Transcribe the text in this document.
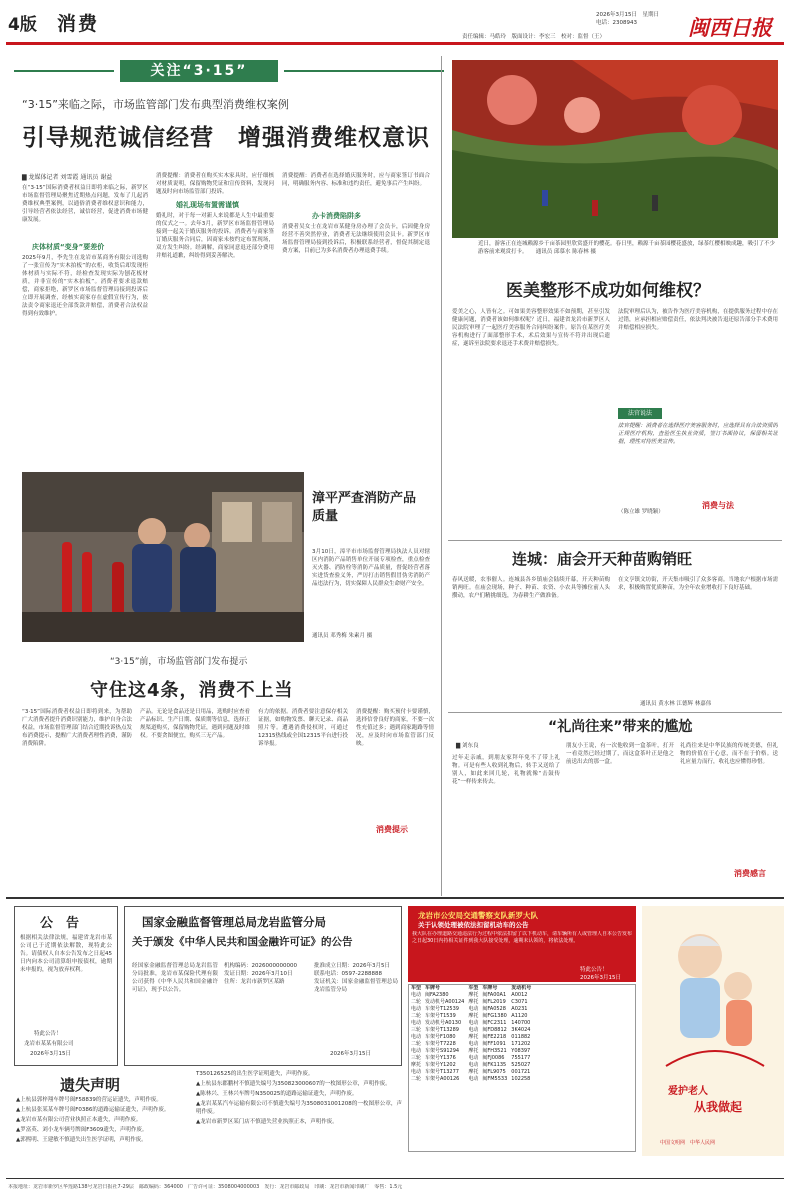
4版 消费	2026年3月15日　星期日
电话：2308943
责任编辑：马皓玲　版面设计：李宏三　校对：监督（王）	闽西日报
关注“3·15”
“3·15”来临之际，市场监管部门发布典型消费维权案例
引导规范诚信经营　增强消费维权意识
▇ 龙媒体记者 刘雪霞 通讯员 谢益
在“3·15”国际消费者权益日即将来临之际，新罗区市场监督管理局聚焦近期热点问题，发布了几起消费维权典型案例，以通俗消费者维权意识和能力，引导经营者依法经营，诚信经营，促进消费市场健康发展。
庆体材质“变身”要差价
2025年9月，李先生在龙岩市某商务有限公司选购了一张宣传为“实木拍板”的衣柜，收货后却发现柜体材质与实际不符，经检查发现实际为刨花板材质，并非宣传的“实木拍板”。消费者要求退款赔偿，商家拒绝，新罗区市场监督管理局接到投诉后立即开展调查，经核实商家存在虚假宣传行为，依法责令商家退还全部货款并赔偿，消费者合法权益得到有效维护。
消费提醒：消费者在购买实木家具时，应仔细核对材质说明，保留购物凭证和宣传资料，发现问题及时向市场监管部门投诉。
婚礼现场布置需谨慎
婚礼时，对于每一对新人来说都是人生中最重要的仪式之一。去年3月，新罗区市场监督管理局接到一起关于婚庆服务的投诉。消费者与商家签订婚庆服务合同后，因商家未按约定布置现场，双方发生纠纷。经调解，商家同意退还部分费用并赔礼道歉，纠纷得到妥善解决。
消费提醒：消费者在选择婚庆服务时，应与商家签订书面合同，明确服务内容、标准和违约责任，避免事后产生纠纷。
办卡消费陷阱多
消费者吴女士在龙岩市某健身房办理了会员卡，后因健身房经营不善突然停业，消费者无法继续使用会员卡。新罗区市场监督管理局接到投诉后，积极联系经营者，督促其制定退费方案，目前已为多名消费者办理退费手续。
漳平严查消防产品质量
3月10日，漳平市市场监督管理局执法人员对辖区内消防产品销售单位开展专项检查，重点检查灭火器、消防栓等消防产品质量，督促经营者落实进货查验义务，严厉打击销售假冒伪劣消防产品违法行为，切实保障人民群众生命财产安全。
通讯员 邓秀梅 朱素月 摄
“3·15”前，市场监管部门发布提示
守住这4条，消费不上当
“3·15”国际消费者权益日即将到来，为帮助广大消费者提升消费识别能力，维护自身合法权益，市场监督管理部门结合近期投诉热点发布消费提示，提醒广大消费者理性消费，谨防消费陷阱。
产品。无论是食品还是日用品，选购时应查看产品标识、生产日期、保质期等信息，选择正规渠道购买，保留购物凭证，遇到问题及时维权。不要贪图便宜，购买三无产品。
有力的依据。消费者要注意保存相关证据，如购物发票、聊天记录、商品照片等。遭遇消费侵权时，可通过12315热线或全国12315平台进行投诉举报。
消费提醒：购买预付卡要谨慎，选择信誉良好的商家，不要一次性充值过多；遇到商家跑路等情况，应及时向市场监管部门反映。
消费提示
近日，游客正在连城赖源乡千亩茶园里欣赏盛开的樱花。春日里，赖源千亩茶园樱花盛放，绿茶红樱相映成趣，吸引了不少游客前来观赏打卡。　　通讯员 邱慕水 陈春林 摄
医美整形不成功如何维权？
爱美之心，人皆有之。可如果美容整形效果不如预期，甚至引发健康问题，消费者该如何维权呢？近日，福建省龙岩市新罗区人民法院审理了一起医疗美容服务合同纠纷案件。原告在某医疗美容机构进行了面部整形手术，术后效果与宣传不符并出现后遗症，遂诉至法院要求退还手术费并赔偿损失。
法院审理后认为，被告作为医疗美容机构，在提供服务过程中存在过错，应承担相应赔偿责任，依法判决被告退还原告部分手术费用并赔偿相应损失。
法官说法
法官提醒：消费者在选择医疗美容服务时，应选择具有合法资质的正规医疗机构，查验医生执业资质，签订书面协议，保留相关证据，理性对待医美宣传。
（陈立雄 罗晓颖）
消费与法
连城：庙会开天种苗购销旺
春风送暖，农事催人。连城县各乡镇庙会陆续开幕，开天种苗购销两旺。在庙会现场，种子、种苗、农资、小农具等摊位前人头攒动，农户们精挑细选，为春耕生产做准备。
在文亨镇文坊街，开天集市吸引了众多客商。当地农户根据市场需求，积极购置优质种苗，为全年农业增收打下良好基础。
通讯员 黄水林 江德辉 林嘉伟
“礼尚往来”带来的尴尬
▇ 刘东良
过年走亲戚，到朋友家拜年免不了带上礼物。可是有些人收到礼物后，转手又送给了别人，如此来回几轮，礼物就像“击鼓传花”一样传来传去。
朋友小王说，有一次他收到一盒茶叶，打开一看竟然已经过期了，而这盒茶叶正是他之前送出去的那一盒。
礼尚往来是中华民族的传统美德，但礼物的价值在于心意，而不在于价格。送礼应量力而行，收礼也应懂得珍惜。
消费感言
公　告
根据相关法律法规，福建省龙岩市某公司已于近期依法解散，现特此公告。请债权人自本公告发布之日起45日内向本公司清算组申报债权，逾期未申报的，视为放弃权利。
特此公告！
龙岩市某某有限公司
2026年3月15日
国家金融监督管理总局龙岩监管分局
关于颁发《中华人民共和国金融许可证》的公告
经国家金融监督管理总局龙岩监管分局批准，龙岩市某保险代理有限公司获得《中华人民共和国金融许可证》，现予以公告。
机构编码：2026000000000
发证日期：2026年3月10日
住所：龙岩市新罗区某路
批准成立日期：2026年3月5日
联系电话：0597-2288888
发证机关：国家金融监督管理总局龙岩监管分局
2026年3月15日
龙岩市公安局交通警察支队新罗大队
关于认领处理被依法扣留机动车的公告
我大队在办理道路交通违法行为过程中依法扣留了以下机动车，请车辆所有人或管理人自本公告发布之日起30日内持相关证件到我大队接受处理，逾期未认领的，将依法处理。
特此公告！
2026年3月15日
车型	车牌号	车型	车牌号	发动机号
电动	闽FA2380	摩托	闽FA00A1	A0012
二轮	发动机号A00124	摩托	闽FL2019	C3071
电动	车架号T12539	电动	闽FA0528	A0231
二轮	车架号T1539	摩托	闽FG1380	A1120
电动	发动机号A0130	电动	闽FC2311	140700
三轮	车架号T13289	电动	闽FD8812	3K4024
电动	车架号F1080	摩托	闽FE2218	011882
二轮	车架号T7228	电动	闽FF1091	171202
电动	车架号S91294	摩托	闽FH3521	Y08397
三轮	车架号Y1376	电动	闽FJ0086	755177
摩托	车架号Y1202	电动	闽FK1135	525027
电动	车架号T13277	摩托	闽FL9075	001721
二轮	车架号A00126	电动	闽FM5533	102258
遗失声明
▲上杭县郭梓翔车牌号闽F58839的营运证遗失，声明作废。
▲上杭县张某某车牌号闽F0386的道路运输证遗失，声明作废。
▲龙岩市某有限公司营业执照正本遗失，声明作废。
▲罗富英、刘小龙车辆号牌闽F3609遗失，声明作废。
▲郭熙明、王建敏不慎遗失出生医学证明，声明作废。
T350126525的出生医学证明遗失，声明作废。
▲上杭县东郡鹏村不慎遗失编号为350823000607的一枚图形公章，声明作废。
▲陈林兴、王林兴车牌号N350025的道路运输证遗失，声明作废。
▲龙岩某某汽车运输有限公司不慎遗失编号为3508031001208的一枚图形公章，声明作废。
▲龙岩市新罗区某门店不慎遗失营业执照正本，声明作废。
爱护老人
从我做起
中国文明网　中华人民网
本报地址：龙岩市新罗区华莲路138号龙岩日报社7-29层　邮政编码：364000　广告许可证：3508004000003　发行：龙岩市邮政局　印刷：龙岩市新闻印刷厂　零售：1.5元
